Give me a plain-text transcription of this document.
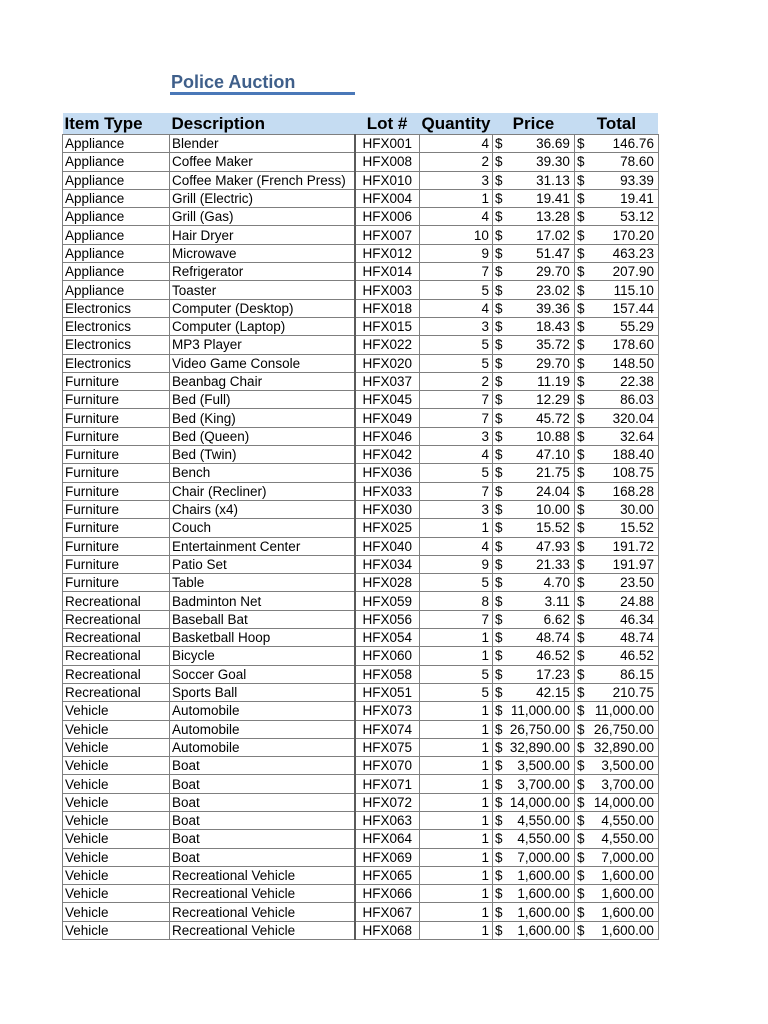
Police Auction
Item Type	Description	Lot #	Quantity	Price	Total
Appliance	Blender	HFX001	4	$ 36.69	$ 146.76

Appliance	Coffee Maker	HFX008	2	$ 39.30	$ 78.60

Appliance	Coffee Maker (French Press)	HFX010	3	$ 31.13	$ 93.39

Appliance	Grill (Electric)	HFX004	1	$ 19.41	$ 19.41

Appliance	Grill (Gas)	HFX006	4	$ 13.28	$ 53.12

Appliance	Hair Dryer	HFX007	10	$ 17.02	$ 170.20

Appliance	Microwave	HFX012	9	$ 51.47	$ 463.23

Appliance	Refrigerator	HFX014	7	$ 29.70	$ 207.90

Appliance	Toaster	HFX003	5	$ 23.02	$ 115.10

Electronics	Computer (Desktop)	HFX018	4	$ 39.36	$ 157.44

Electronics	Computer (Laptop)	HFX015	3	$ 18.43	$ 55.29

Electronics	MP3 Player	HFX022	5	$ 35.72	$ 178.60

Electronics	Video Game Console	HFX020	5	$ 29.70	$ 148.50

Furniture	Beanbag Chair	HFX037	2	$ 11.19	$ 22.38

Furniture	Bed (Full)	HFX045	7	$ 12.29	$ 86.03

Furniture	Bed (King)	HFX049	7	$ 45.72	$ 320.04

Furniture	Bed (Queen)	HFX046	3	$ 10.88	$ 32.64

Furniture	Bed (Twin)	HFX042	4	$ 47.10	$ 188.40

Furniture	Bench	HFX036	5	$ 21.75	$ 108.75

Furniture	Chair (Recliner)	HFX033	7	$ 24.04	$ 168.28

Furniture	Chairs (x4)	HFX030	3	$ 10.00	$ 30.00

Furniture	Couch	HFX025	1	$ 15.52	$ 15.52

Furniture	Entertainment Center	HFX040	4	$ 47.93	$ 191.72

Furniture	Patio Set	HFX034	9	$ 21.33	$ 191.97

Furniture	Table	HFX028	5	$ 4.70	$ 23.50

Recreational	Badminton Net	HFX059	8	$ 3.11	$ 24.88

Recreational	Baseball Bat	HFX056	7	$ 6.62	$ 46.34

Recreational	Basketball Hoop	HFX054	1	$ 48.74	$ 48.74

Recreational	Bicycle	HFX060	1	$ 46.52	$ 46.52

Recreational	Soccer Goal	HFX058	5	$ 17.23	$ 86.15

Recreational	Sports Ball	HFX051	5	$ 42.15	$ 210.75

Vehicle	Automobile	HFX073	1	$ 11,000.00	$ 11,000.00

Vehicle	Automobile	HFX074	1	$ 26,750.00	$ 26,750.00

Vehicle	Automobile	HFX075	1	$ 32,890.00	$ 32,890.00

Vehicle	Boat	HFX070	1	$ 3,500.00	$ 3,500.00

Vehicle	Boat	HFX071	1	$ 3,700.00	$ 3,700.00

Vehicle	Boat	HFX072	1	$ 14,000.00	$ 14,000.00

Vehicle	Boat	HFX063	1	$ 4,550.00	$ 4,550.00

Vehicle	Boat	HFX064	1	$ 4,550.00	$ 4,550.00

Vehicle	Boat	HFX069	1	$ 7,000.00	$ 7,000.00

Vehicle	Recreational Vehicle	HFX065	1	$ 1,600.00	$ 1,600.00

Vehicle	Recreational Vehicle	HFX066	1	$ 1,600.00	$ 1,600.00

Vehicle	Recreational Vehicle	HFX067	1	$ 1,600.00	$ 1,600.00

Vehicle	Recreational Vehicle	HFX068	1	$ 1,600.00	$ 1,600.00
